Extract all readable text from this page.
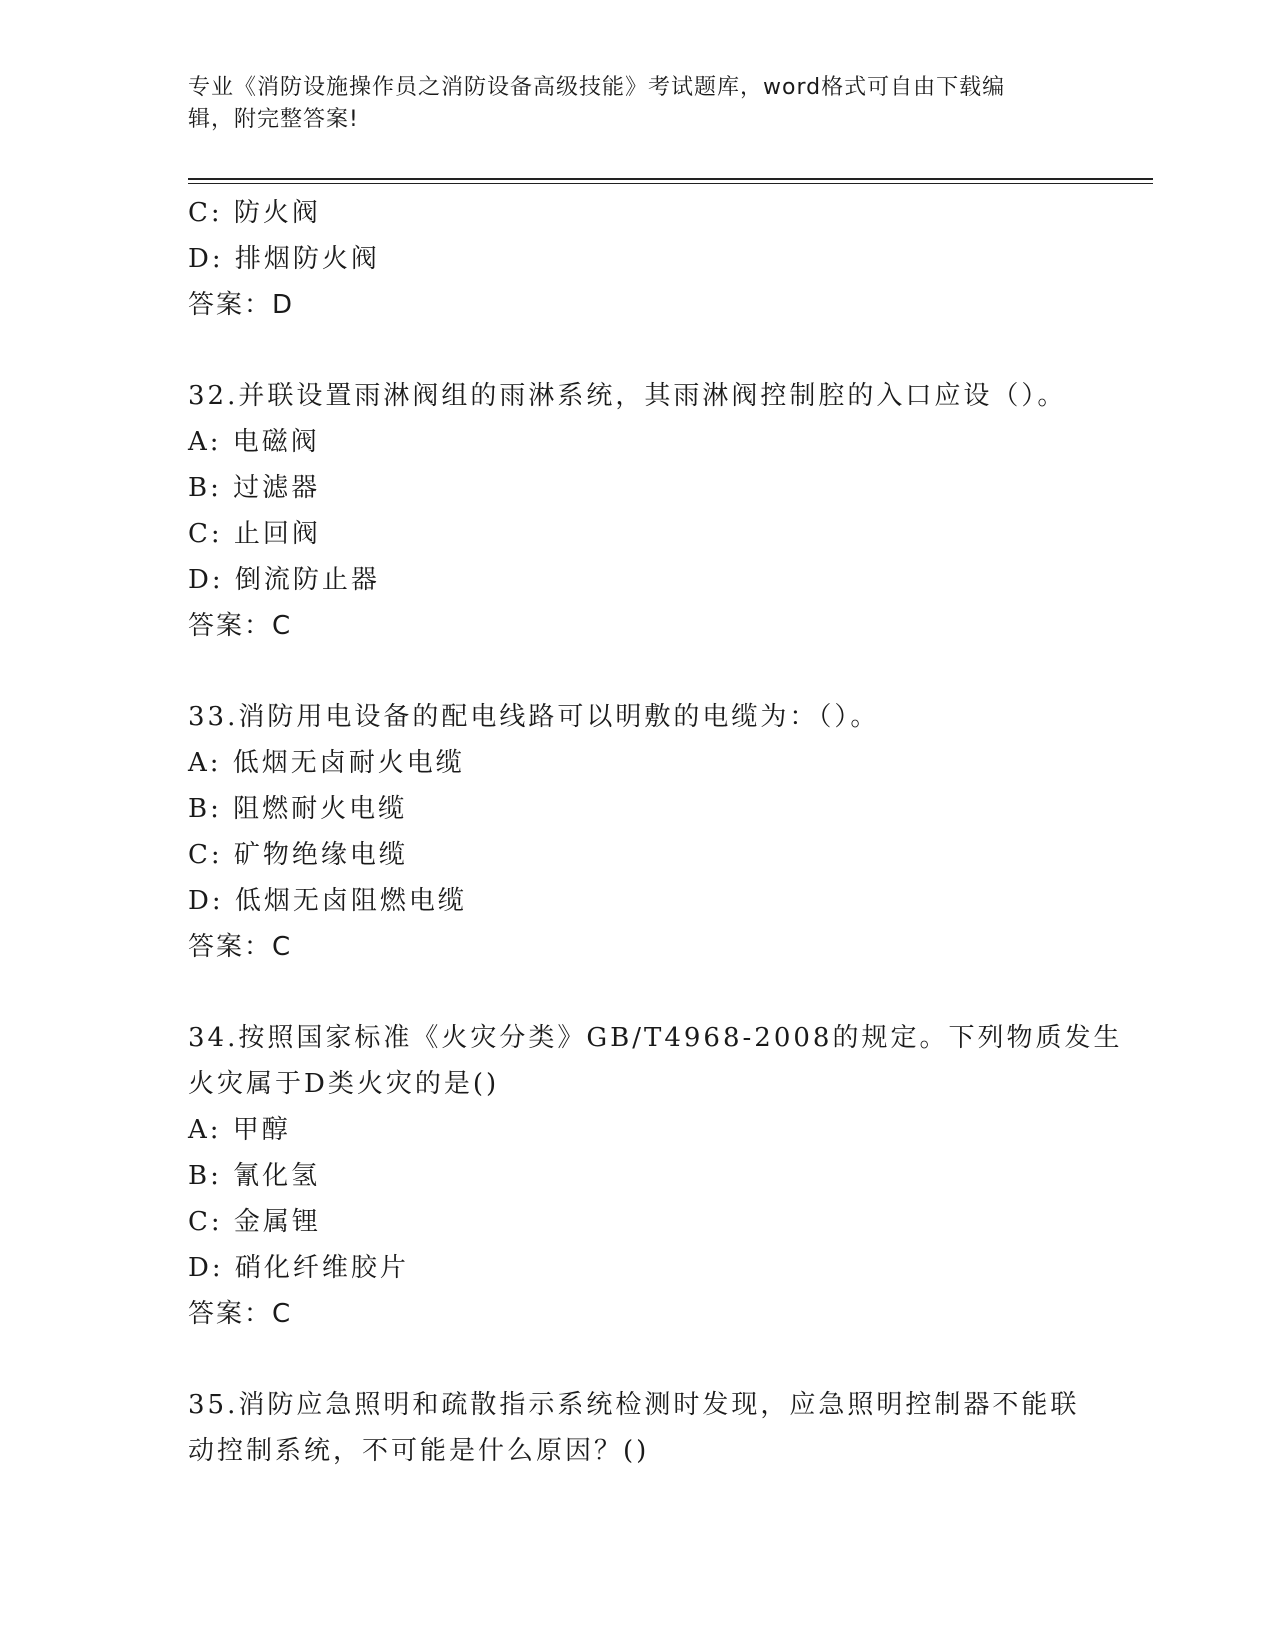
专业《消防设施操作员之消防设备高级技能》考试题库，word格式可自由下载编
辑，附完整答案!
C: 防火阀
D: 排烟防火阀
答案：D
32.并联设置雨淋阀组的雨淋系统，其雨淋阀控制腔的入口应设（）。
A: 电磁阀
B: 过滤器
C: 止回阀
D: 倒流防止器
答案：C
33.消防用电设备的配电线路可以明敷的电缆为：（）。
A: 低烟无卤耐火电缆
B: 阻燃耐火电缆
C: 矿物绝缘电缆
D: 低烟无卤阻燃电缆
答案：C
34.按照国家标准《火灾分类》GB/T4968-2008的规定。下列物质发生
火灾属于D类火灾的是()
A: 甲醇
B: 氰化氢
C: 金属锂
D: 硝化纤维胶片
答案：C
35.消防应急照明和疏散指示系统检测时发现，应急照明控制器不能联
动控制系统，不可能是什么原因？()
